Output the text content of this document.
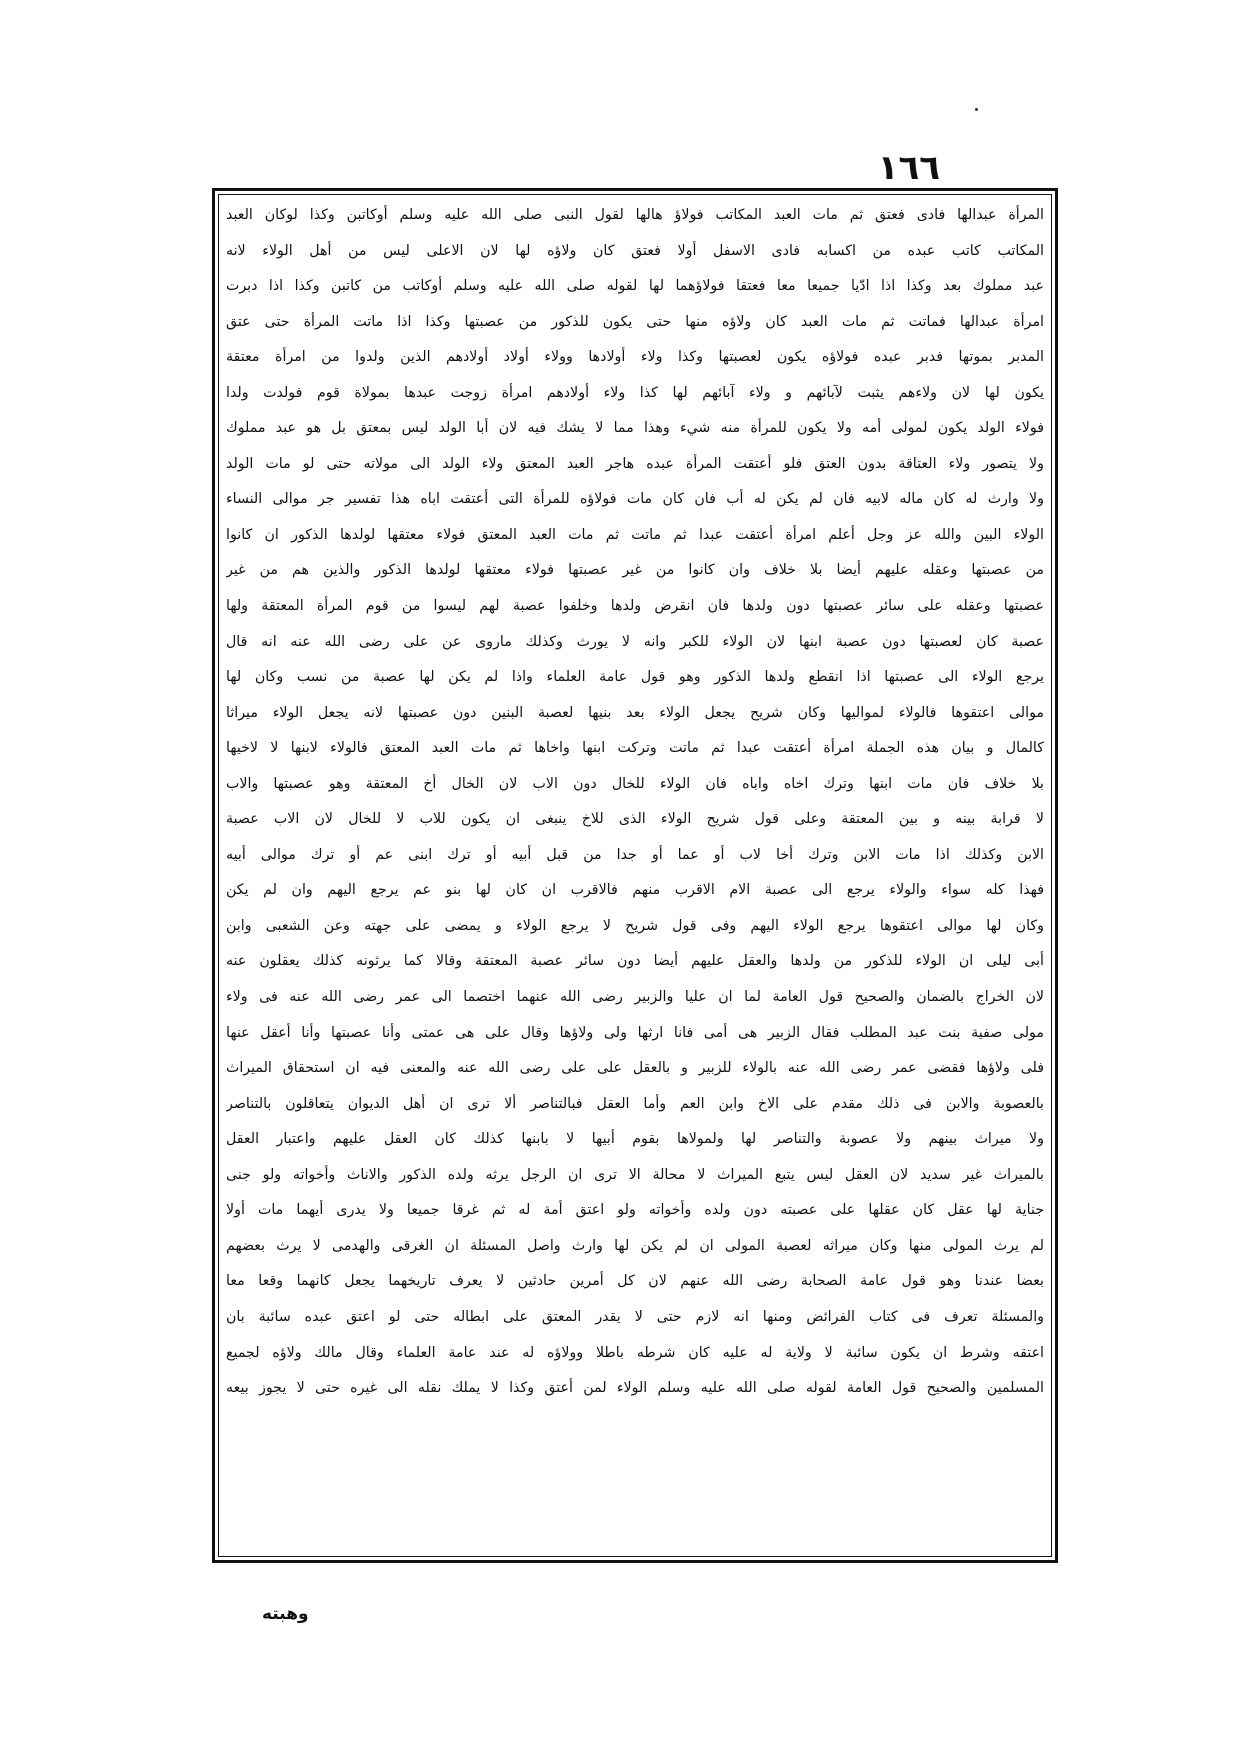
١٦٦
المرأة عبدالها فادى فعتق ثم مات العبد المكاتب فولاؤ هالها لقول النبى صلى الله عليه وسلم أوكاتبن وكذا لوكان العبد
المكاتب كاتب عبده من اكسابه فادى الاسفل أولا فعتق كان ولاؤه لها لان الاعلى ليس من أهل الولاء لانه
عبد مملوك بعد وكذا اذا ادّيا جميعا معا فعتقا فولاؤهما لها لقوله صلى الله عليه وسلم أوكاتب من كاتبن وكذا اذا دبرت
امرأة عبدالها فماتت ثم مات العبد كان ولاؤه منها حتى يكون للذكور من عصبتها وكذا اذا ماتت المرأة حتى عتق
المدبر بموتها فدبر عبده فولاؤه يكون لعصبتها وكذا ولاء أولادها وولاء أولاد أولادهم الذين ولدوا من امرأة معتقة
يكون لها لان ولاءهم يثبت لآبائهم و ولاء آبائهم لها كذا ولاء أولادهم امرأة زوجت عبدها بمولاة قوم فولدت ولدا
فولاء الولد يكون لمولى أمه ولا يكون للمرأة منه شيء وهذا مما لا يشك فيه لان أبا الولد ليس بمعتق بل هو عبد مملوك
ولا يتصور ولاء العتاقة بدون العتق فلو أعتقت المرأة عبده هاجر العبد المعتق ولاء الولد الى مولاته حتى لو مات الولد
ولا وارث له كان ماله لابيه فان لم يكن له أب فان كان مات فولاؤه للمرأة التى أعتقت اباه هذا تفسير جر موالى النساء
الولاء البين والله عز وجل أعلم امرأة أعتقت عبدا ثم ماتت ثم مات العبد المعتق فولاء معتقها لولدها الذكور ان كانوا
من عصبتها وعقله عليهم أيضا بلا خلاف وان كانوا من غير عصبتها فولاء معتقها لولدها الذكور والذين هم من غير
عصبتها وعقله على سائر عصبتها دون ولدها فان انقرض ولدها وخلفوا عصبة لهم ليسوا من قوم المرأة المعتقة ولها
عصبة كان لعصبتها دون عصبة ابنها لان الولاء للكبر وانه لا يورث وكذلك ماروى عن على رضى الله عنه انه قال
يرجع الولاء الى عصبتها اذا انقطع ولدها الذكور وهو قول عامة العلماء واذا لم يكن لها عصبة من نسب وكان لها
موالى اعتقوها فالولاء لمواليها وكان شريح يجعل الولاء بعد بنيها لعصبة البنين دون عصبتها لانه يجعل الولاء ميراثا
كالمال و بيان هذه الجملة امرأة أعتقت عبدا ثم ماتت وتركت ابنها واخاها ثم مات العبد المعتق فالولاء لابنها لا لاخيها
بلا خلاف فان مات ابنها وترك اخاه واباه فان الولاء للخال دون الاب لان الخال أخ المعتقة وهو عصبتها والاب
لا قرابة بينه و بين المعتقة وعلى قول شريح الولاء الذى للاخ ينبغى ان يكون للاب لا للخال لان الاب عصبة
الابن وكذلك اذا مات الابن وترك أخا لاب أو عما أو جدا من قبل أبيه أو ترك ابنى عم أو ترك موالى أبيه
فهذا كله سواء والولاء يرجع الى عصبة الام الاقرب منهم فالاقرب ان كان لها بنو عم يرجع اليهم وان لم يكن
وكان لها موالى اعتقوها يرجع الولاء اليهم وفى قول شريح لا يرجع الولاء و يمضى على جهته وعن الشعبى وابن
أبى ليلى ان الولاء للذكور من ولدها والعقل عليهم أيضا دون سائر عصبة المعتقة وقالا كما يرثونه كذلك يعقلون عنه
لان الخراج بالضمان والصحيح قول العامة لما ان عليا والزبير رضى الله عنهما اختصما الى عمر رضى الله عنه فى ولاء
مولى صفية بنت عبد المطلب فقال الزبير هى أمى فانا ارثها ولى ولاؤها وقال على هى عمتى وأنا عصبتها وأنا أعقل عنها
فلى ولاؤها فقضى عمر رضى الله عنه بالولاء للزبير و بالعقل على على رضى الله عنه والمعنى فيه ان استحقاق الميراث
بالعصوبة والابن فى ذلك مقدم على الاخ وابن العم وأما العقل فبالتناصر ألا ترى ان أهل الديوان يتعاقلون بالتناصر
ولا ميراث بينهم ولا عصوبة والتناصر لها ولمولاها بقوم أبيها لا بابنها كذلك كان العقل عليهم واعتبار العقل
بالميراث غير سديد لان العقل ليس يتبع الميراث لا محالة الا ترى ان الرجل يرثه ولده الذكور والاناث وأخواته ولو جنى
جناية لها عقل كان عقلها على عصبته دون ولده وأخواته ولو اعتق أمة له ثم غرقا جميعا ولا يدرى أيهما مات أولا
لم يرث المولى منها وكان ميراثه لعصبة المولى ان لم يكن لها وارث واصل المسئلة ان الغرقى والهدمى لا يرث بعضهم
بعضا عندنا وهو قول عامة الصحابة رضى الله عنهم لان كل أمرين حادثين لا يعرف تاريخهما يجعل كانهما وقعا معا
والمسئلة تعرف فى كتاب الفرائض ومنها انه لازم حتى لا يقدر المعتق على ابطاله حتى لو اعتق عبده سائبة بان
اعتقه وشرط ان يكون سائبة لا ولاية له عليه كان شرطه باطلا وولاؤه له عند عامة العلماء وقال مالك ولاؤه لجميع
المسلمين والصحيح قول العامة لقوله صلى الله عليه وسلم الولاء لمن أعتق وكذا لا يملك نقله الى غيره حتى لا يجوز بيعه
وهبته
